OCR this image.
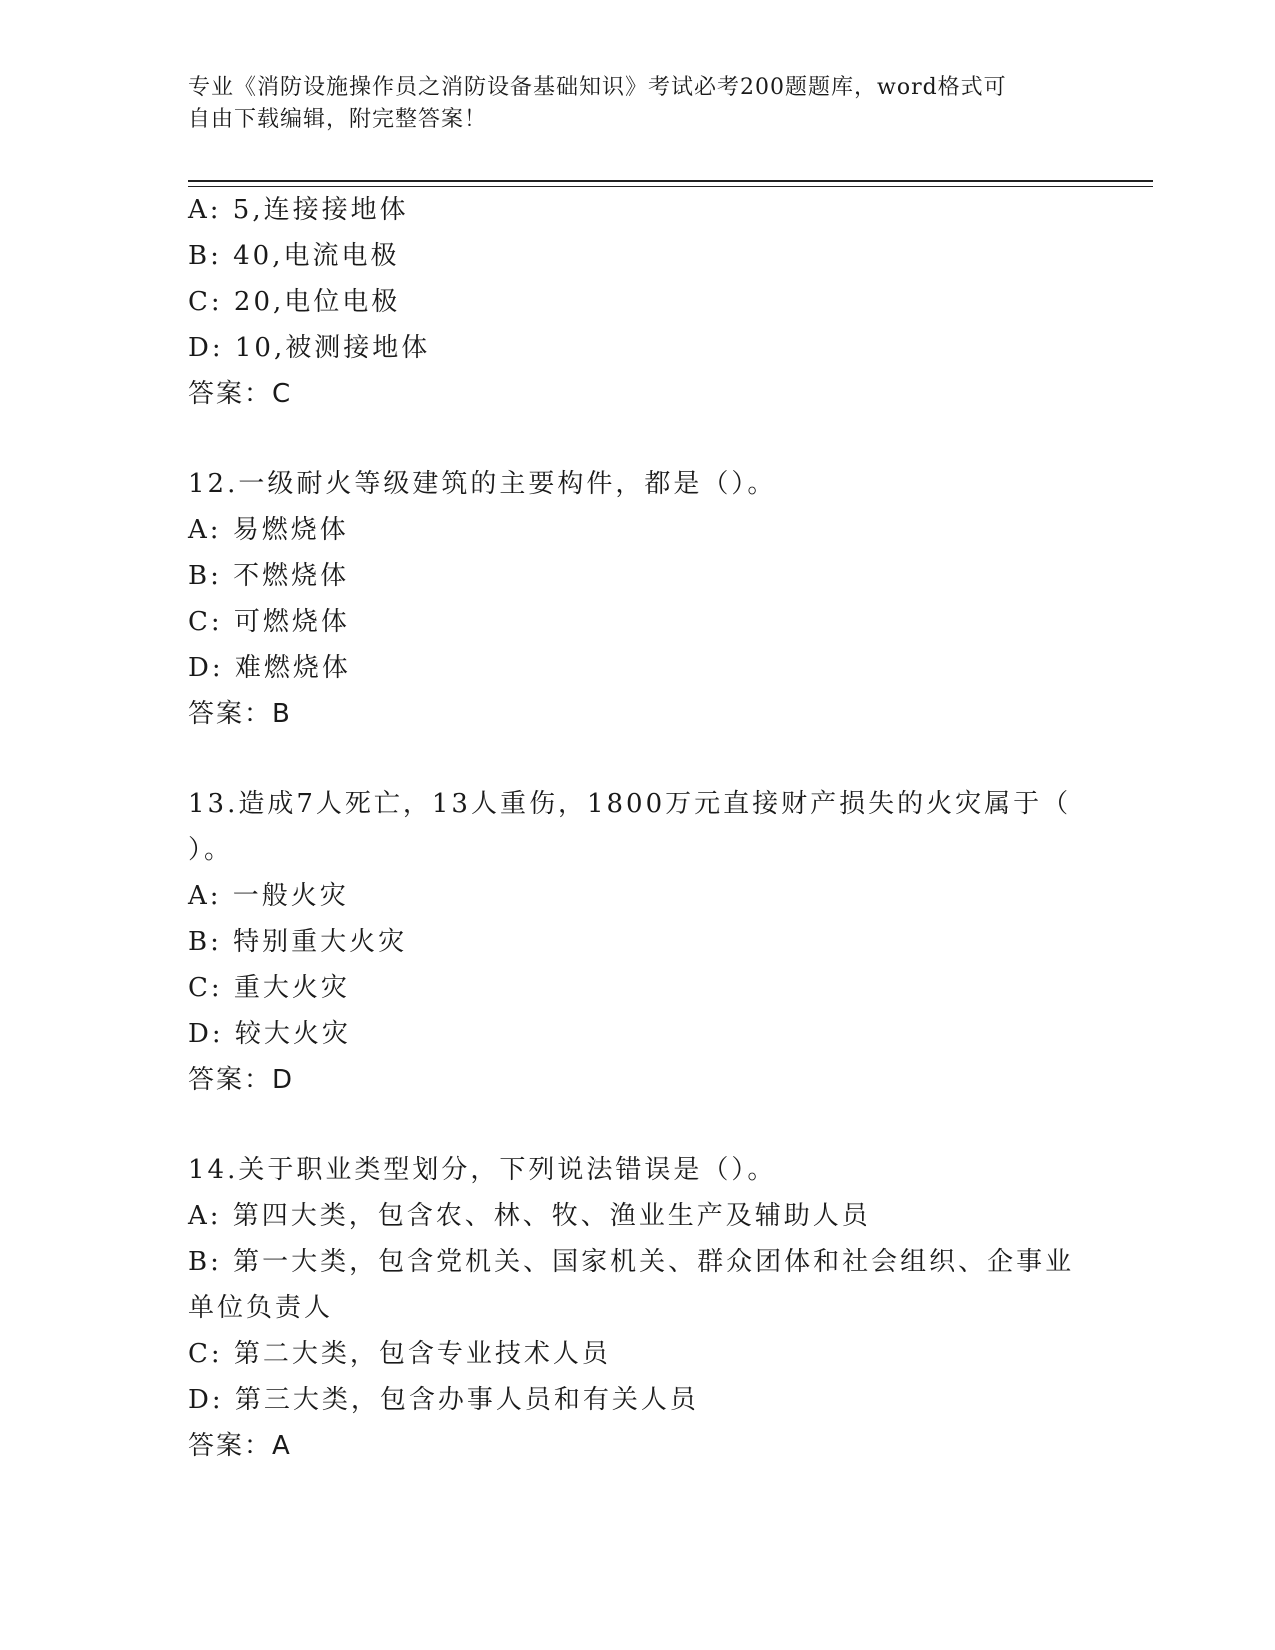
专业《消防设施操作员之消防设备基础知识》考试必考200题题库，word格式可
自由下载编辑，附完整答案！
A: 5,连接接地体
B: 40,电流电极
C: 20,电位电极
D: 10,被测接地体
答案：C
12.一级耐火等级建筑的主要构件，都是（）。
A: 易燃烧体
B: 不燃烧体
C: 可燃烧体
D: 难燃烧体
答案：B
13.造成7人死亡，13人重伤，1800万元直接财产损失的火灾属于（
）。
A: 一般火灾
B: 特别重大火灾
C: 重大火灾
D: 较大火灾
答案：D
14.关于职业类型划分，下列说法错误是（）。
A: 第四大类，包含农、林、牧、渔业生产及辅助人员
B: 第一大类，包含党机关、国家机关、群众团体和社会组织、企事业
单位负责人
C: 第二大类，包含专业技术人员
D: 第三大类，包含办事人员和有关人员
答案：A
